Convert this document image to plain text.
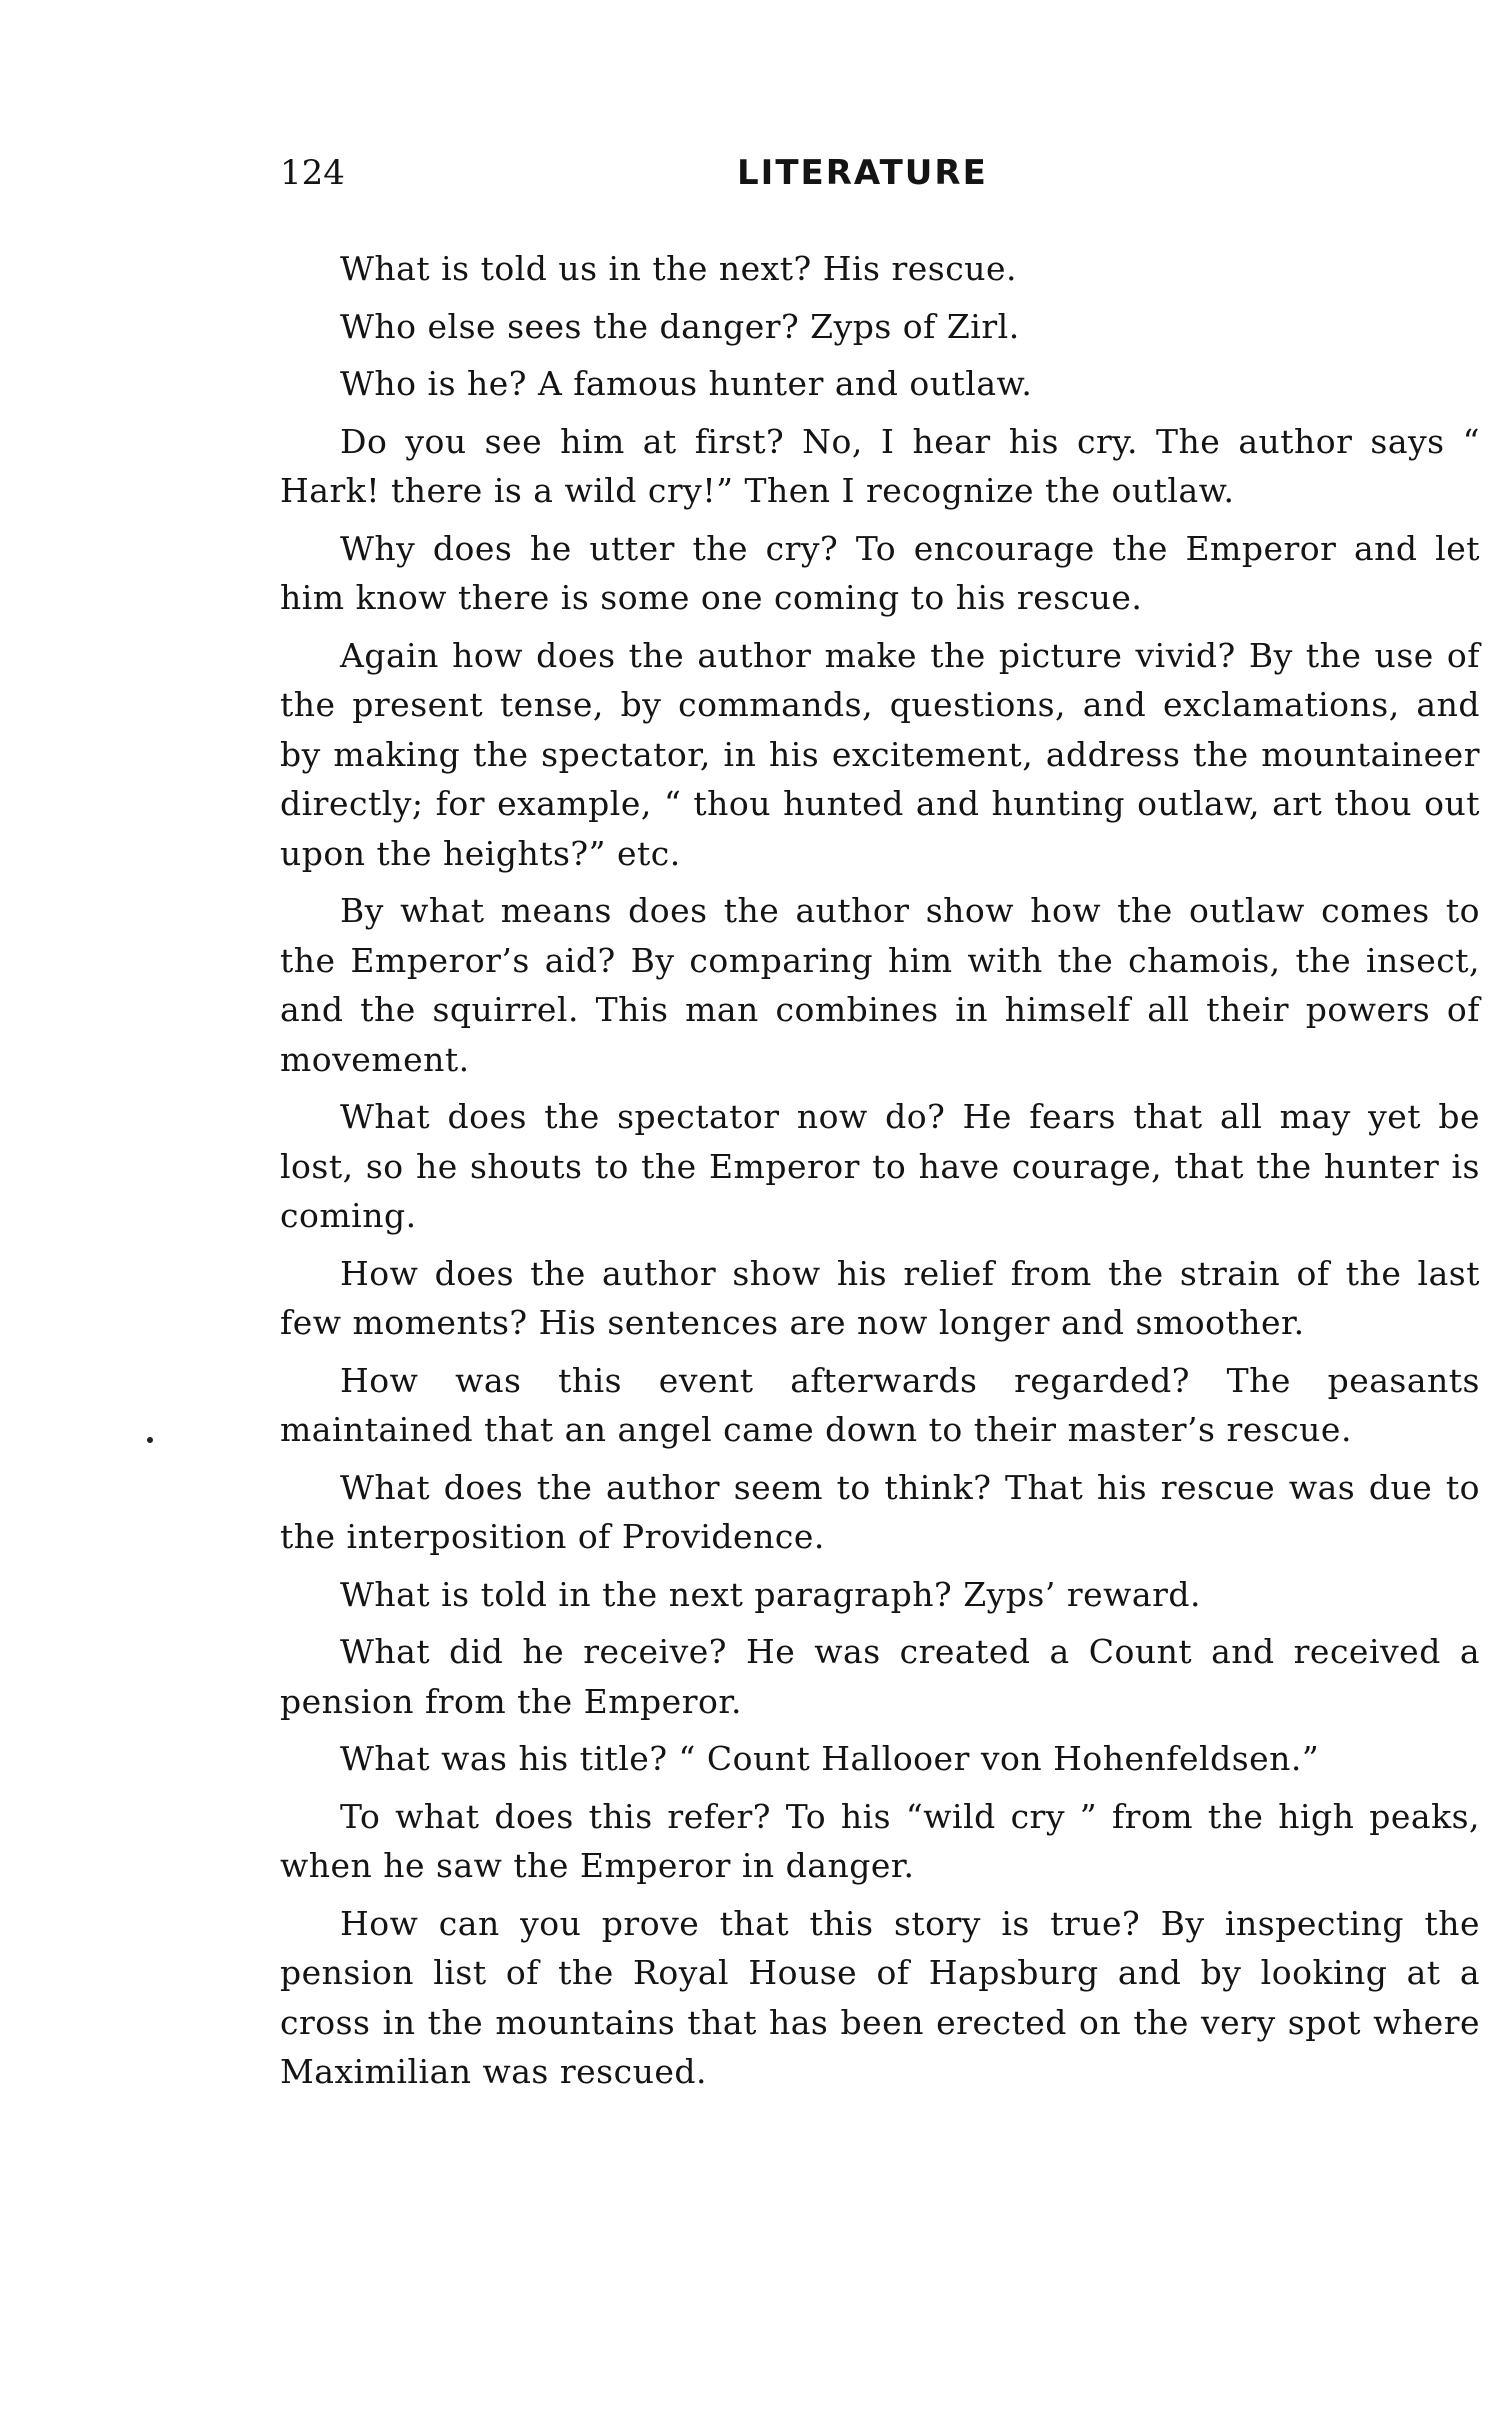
124	LITERATURE

What is told us in the next? His rescue.

Who else sees the danger? Zyps of Zirl.

Who is he? A famous hunter and outlaw.

Do you see him at first? No, I hear his cry. The author says “ Hark! there is a wild cry!” Then I recognize the outlaw.

Why does he utter the cry? To encourage the Emperor and let him know there is some one coming to his rescue.

Again how does the author make the picture vivid? By the use of the present tense, by commands, questions, and exclamations, and by making the spectator, in his excitement, address the mountaineer directly; for example, “ thou hunted and hunting outlaw, art thou out upon the heights?” etc.

By what means does the author show how the outlaw comes to the Emperor’s aid? By comparing him with the chamois, the insect, and the squirrel. This man combines in himself all their powers of movement.

What does the spectator now do? He fears that all may yet be lost, so he shouts to the Emperor to have courage, that the hunter is coming.

How does the author show his relief from the strain of the last few moments? His sentences are now longer and smoother.

How was this event afterwards regarded? The peasants maintained that an angel came down to their master’s rescue.

What does the author seem to think? That his rescue was due to the interposition of Providence.

What is told in the next paragraph? Zyps’ reward.

What did he receive? He was created a Count and received a pension from the Emperor.

What was his title? “ Count Hallooer von Hohenfeldsen.”

To what does this refer? To his “wild cry ” from the high peaks, when he saw the Emperor in danger.

How can you prove that this story is true? By inspecting the pension list of the Royal House of Hapsburg and by looking at a cross in the mountains that has been erected on the very spot where Maximilian was rescued.
